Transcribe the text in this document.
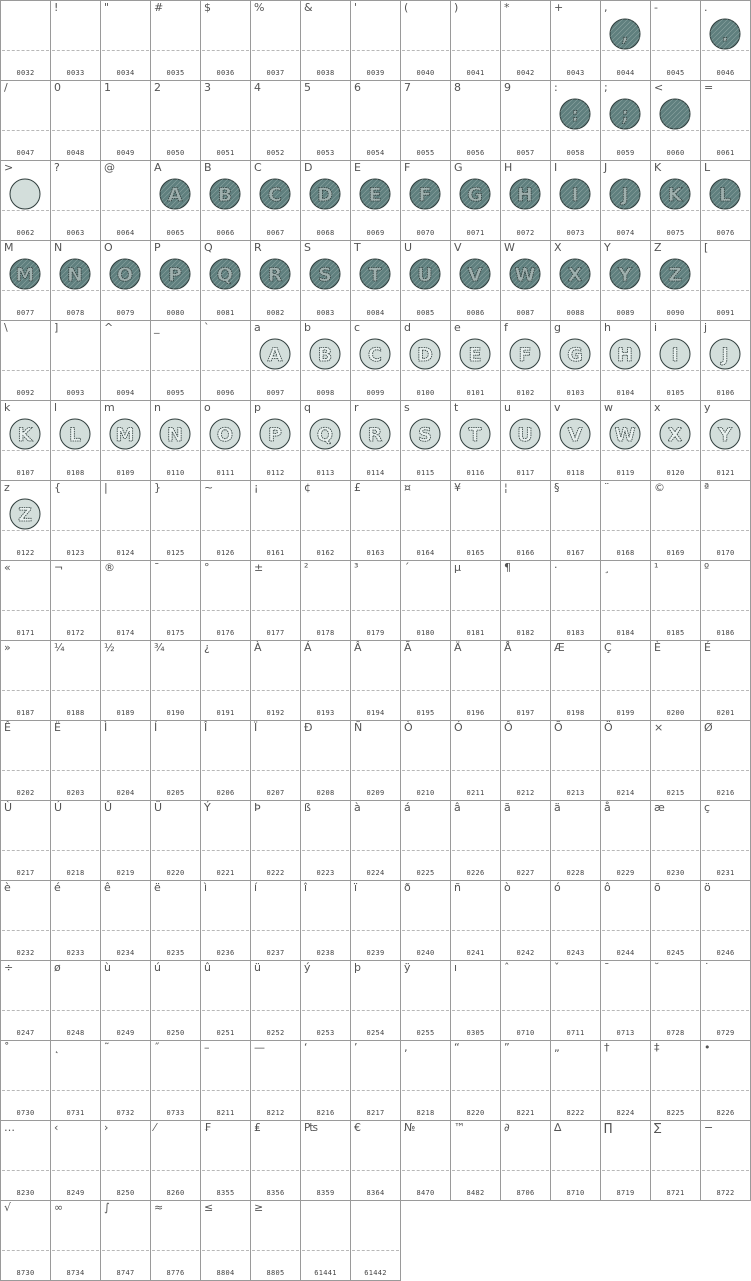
0032
!
0033
"
0034
#
0035
$
0036
%
0037
&
0038
'
0039
(
0040
)
0041
*
0042
+
0043
,
,
0044
-
0045
.
.
0046
/
0047
0
0048
1
0049
2
0050
3
0051
4
0052
5
0053
6
0054
7
0055
8
0056
9
0057
:
:
0058
;
;
0059
<
0060
=
0061
>
0062
?
0063
@
0064
A
A
0065
B
B
0066
C
C
0067
D
D
0068
E
E
0069
F
F
0070
G
G
0071
H
H
0072
I
I
0073
J
J
0074
K
K
0075
L
L
0076
M
M
0077
N
N
0078
O
O
0079
P
P
0080
Q
Q
0081
R
R
0082
S
S
0083
T
T
0084
U
U
0085
V
V
0086
W
W
0087
X
X
0088
Y
Y
0089
Z
Z
0090
[
0091
\
0092
]
0093
^
0094
_
0095
`
0096
a
A
0097
b
B
0098
c
C
0099
d
D
0100
e
E
0101
f
F
0102
g
G
0103
h
H
0104
i
I
0105
j
J
0106
k
K
0107
l
L
0108
m
M
0109
n
N
0110
o
O
0111
p
P
0112
q
Q
0113
r
R
0114
s
S
0115
t
T
0116
u
U
0117
v
V
0118
w
W
0119
x
X
0120
y
Y
0121
z
Z
0122
{
0123
|
0124
}
0125
~
0126
¡
0161
¢
0162
£
0163
¤
0164
¥
0165
¦
0166
§
0167
¨
0168
©
0169
ª
0170
«
0171
¬
0172
®
0174
¯
0175
°
0176
±
0177
²
0178
³
0179
´
0180
µ
0181
¶
0182
·
0183
¸
0184
¹
0185
º
0186
»
0187
¼
0188
½
0189
¾
0190
¿
0191
À
0192
Á
0193
Â
0194
Ã
0195
Ä
0196
Å
0197
Æ
0198
Ç
0199
È
0200
É
0201
Ê
0202
Ë
0203
Ì
0204
Í
0205
Î
0206
Ï
0207
Ð
0208
Ñ
0209
Ò
0210
Ó
0211
Ô
0212
Õ
0213
Ö
0214
×
0215
Ø
0216
Ù
0217
Ú
0218
Û
0219
Ü
0220
Ý
0221
Þ
0222
ß
0223
à
0224
á
0225
â
0226
ã
0227
ä
0228
å
0229
æ
0230
ç
0231
è
0232
é
0233
ê
0234
ë
0235
ì
0236
í
0237
î
0238
ï
0239
ð
0240
ñ
0241
ò
0242
ó
0243
ô
0244
õ
0245
ö
0246
÷
0247
ø
0248
ù
0249
ú
0250
û
0251
ü
0252
ý
0253
þ
0254
ÿ
0255
ı
0305
ˆ
0710
ˇ
0711
ˉ
0713
˘
0728
˙
0729
˚
0730
˛
0731
˜
0732
˝
0733
–
8211
—
8212
‘
8216
’
8217
‚
8218
“
8220
”
8221
„
8222
†
8224
‡
8225
•
8226
…
8230
‹
8249
›
8250
⁄
8260
₣
8355
₤
8356
₧
8359
€
8364
№
8470
™
8482
∂
8706
∆
8710
∏
8719
∑
8721
−
8722
√
8730
∞
8734
∫
8747
≈
8776
≤
8804
≥
8805	61441	61442
